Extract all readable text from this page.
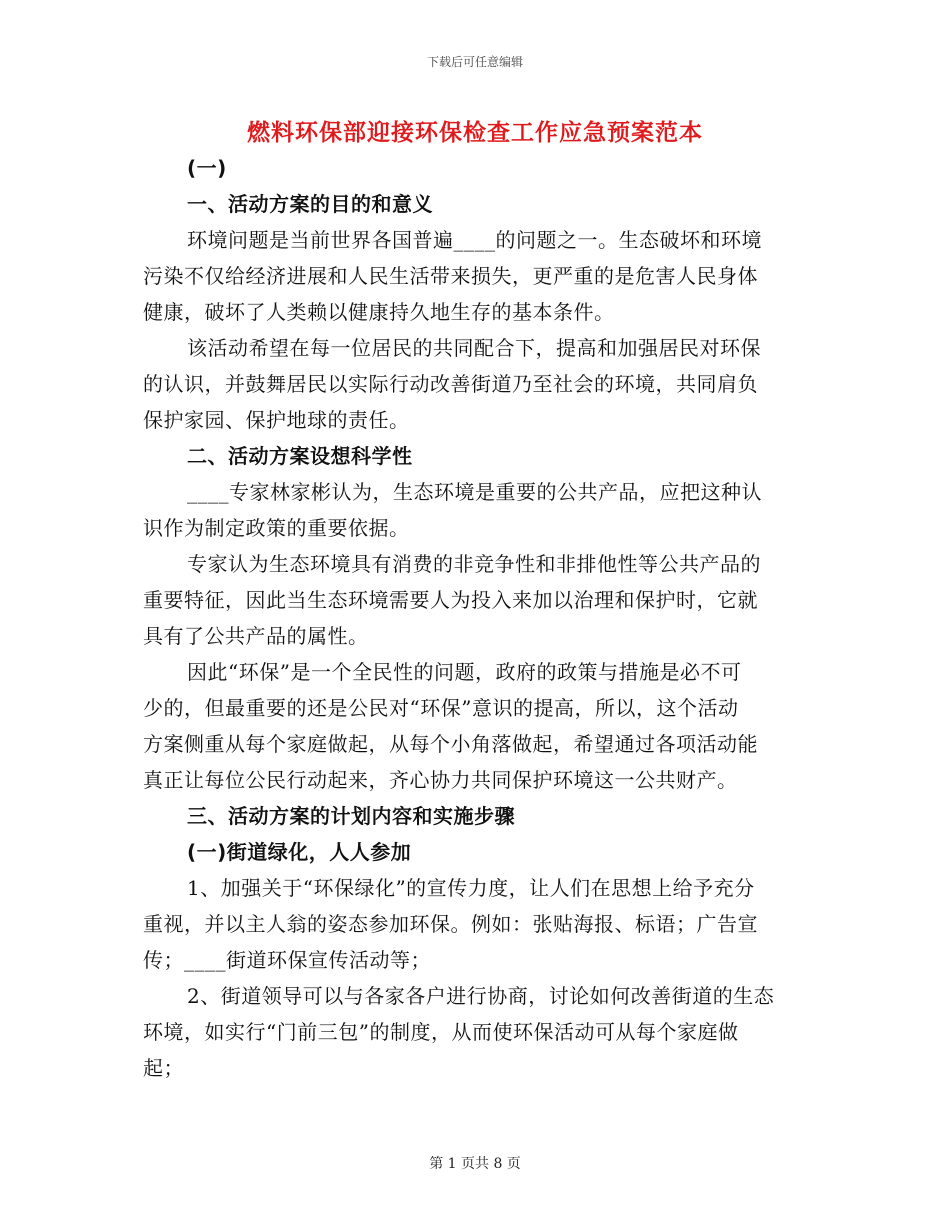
下载后可任意编辑
燃料环保部迎接环保检查工作应急预案范本
(一)
一、活动方案的目的和意义
环境问题是当前世界各国普遍____的问题之一。生态破坏和环境
污染不仅给经济进展和人民生活带来损失，更严重的是危害人民身体
健康，破坏了人类赖以健康持久地生存的基本条件。
该活动希望在每一位居民的共同配合下，提高和加强居民对环保
的认识，并鼓舞居民以实际行动改善街道乃至社会的环境，共同肩负
保护家园、保护地球的责任。
二、活动方案设想科学性
____专家林家彬认为，生态环境是重要的公共产品，应把这种认
识作为制定政策的重要依据。
专家认为生态环境具有消费的非竞争性和非排他性等公共产品的
重要特征，因此当生态环境需要人为投入来加以治理和保护时，它就
具有了公共产品的属性。
因此“环保”是一个全民性的问题，政府的政策与措施是必不可
少的，但最重要的还是公民对“环保”意识的提高，所以，这个活动
方案侧重从每个家庭做起，从每个小角落做起，希望通过各项活动能
真正让每位公民行动起来，齐心协力共同保护环境这一公共财产。
三、活动方案的计划内容和实施步骤
(一)街道绿化，人人参加
1、加强关于“环保绿化”的宣传力度，让人们在思想上给予充分
重视，并以主人翁的姿态参加环保。例如：张贴海报、标语；广告宣
传；____街道环保宣传活动等；
2、街道领导可以与各家各户进行协商，讨论如何改善街道的生态
环境，如实行“门前三包”的制度，从而使环保活动可从每个家庭做
起；
第 1 页共 8 页
